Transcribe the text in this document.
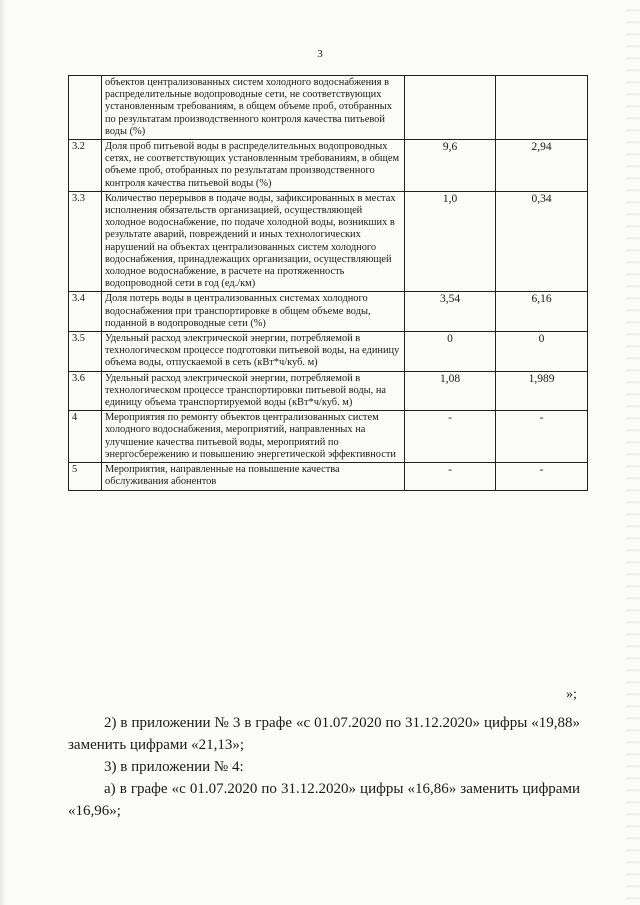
3
	объектов централизованных систем холодного водоснабжения в распределительные водопроводные сети, не соответствующих установленным требованиям, в общем объеме проб, отобранных по результатам производственного контроля качества питьевой воды (%)		
3.2	Доля проб питьевой воды в распределительных водопроводных сетях, не соответствующих установленным требованиям, в общем объеме проб, отобранных по результатам производственного контроля качества питьевой воды (%)	9,6	2,94
3.3	Количество перерывов в подаче воды, зафиксированных в местах исполнения обязательств организацией, осуществляющей холодное водоснабжение, по подаче холодной воды, возникших в результате аварий, повреждений и иных технологических нарушений на объектах централизованных систем холодного водоснабжения, принадлежащих организации, осуществляющей холодное водоснабжение, в расчете на протяженность водопроводной сети в год (ед./км)	1,0	0,34
3.4	Доля потерь воды в централизованных системах холодного водоснабжения при транспортировке в общем объеме воды, поданной в водопроводные сети (%)	3,54	6,16
3.5	Удельный расход электрической энергии, потребляемой в технологическом процессе подготовки питьевой воды, на единицу объема воды, отпускаемой в сеть (кВт*ч/куб. м)	0	0
3.6	Удельный расход электрической энергии, потребляемой в технологическом процессе транспортировки питьевой воды, на единицу объема транспортируемой воды (кВт*ч/куб. м)	1,08	1,989
4	Мероприятия по ремонту объектов централизованных систем холодного водоснабжения, мероприятий, направленных на улучшение качества питьевой воды, мероприятий по энергосбережению и повышению энергетической эффективности	-	-
5	Мероприятия, направленные на повышение качества обслуживания абонентов	-	-
»;
2) в приложении № 3 в графе «с 01.07.2020 по 31.12.2020» цифры «19,88» заменить цифрами «21,13»;
3) в приложении № 4:
а) в графе «с 01.07.2020 по 31.12.2020» цифры «16,86» заменить цифрами «16,96»;
